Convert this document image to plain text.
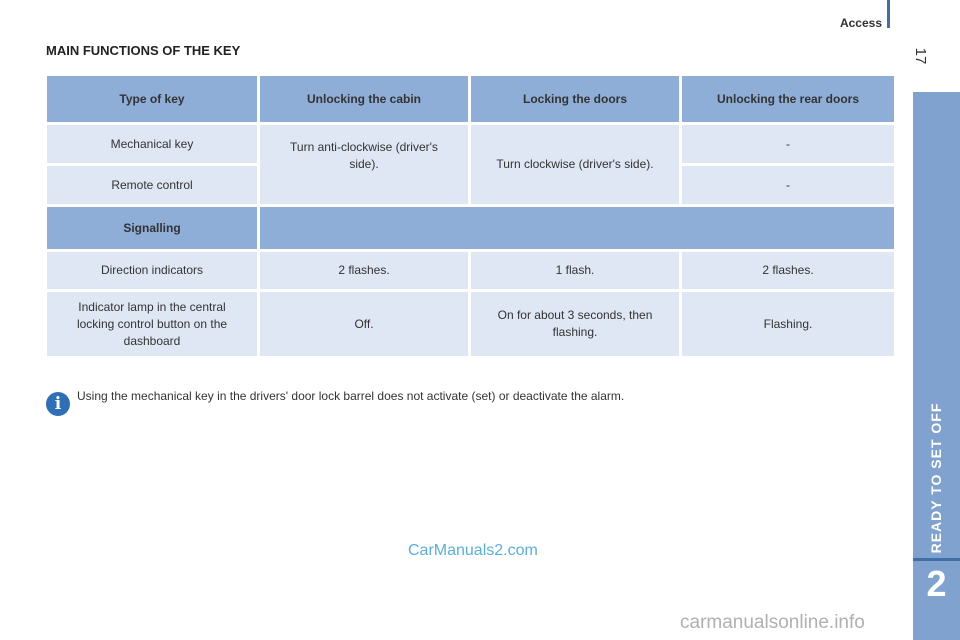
Access
17
READY TO SET OFF
2
MAIN FUNCTIONS OF THE KEY
Type of key	Unlocking the cabin	Locking the doors	Unlocking the rear doors
Mechanical key	Turn anti-clockwise (driver's side).	Turn clockwise (driver's side).	-
Remote control			-
Signalling			
Direction indicators	2 flashes.	1 flash.	2 flashes.
Indicator lamp in the central locking control button on the dashboard	Off.	On for about 3 seconds, then flashing.	Flashing.
i	Using the mechanical key in the drivers' door lock barrel does not activate (set) or deactivate the alarm.
CarManuals2.com
carmanualsonline.info
